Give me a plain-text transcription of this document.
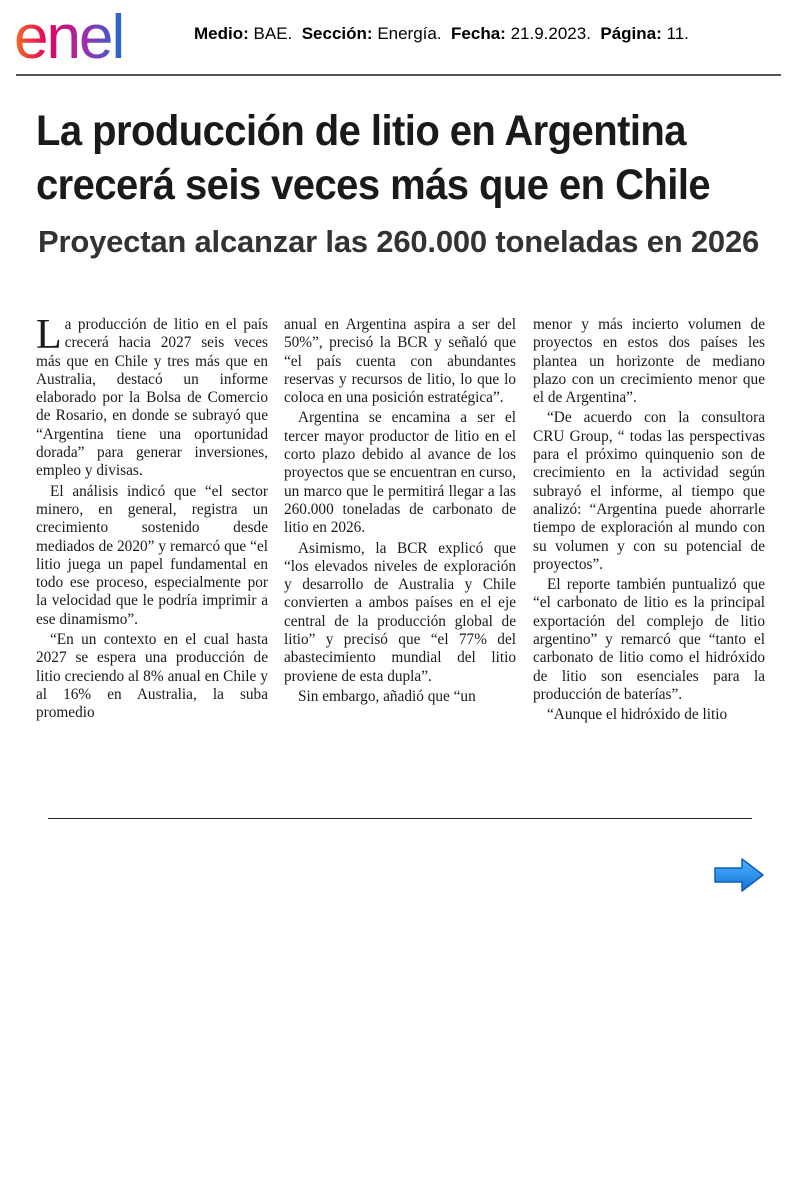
enel	Medio: BAE. Sección: Energía. Fecha: 21.9.2023. Página: 11.
La producción de litio en Argentina
crecerá seis veces más que en Chile
Proyectan alcanzar las 260.000 toneladas en 2026

La producción de litio en el país crecerá hacia 2027 seis veces más que en Chile y tres más que en Australia, destacó un informe elaborado por la Bolsa de Comercio de Rosario, en donde se subrayó que “Argentina tiene una oportunidad dorada” para generar inversiones, empleo y divisas.

El análisis indicó que “el sector minero, en general, registra un crecimiento sostenido desde mediados de 2020” y remarcó que “el litio juega un papel fundamental en todo ese proceso, especialmente por la velocidad que le podría imprimir a ese dinamismo”.

“En un contexto en el cual hasta 2027 se espera una producción de litio creciendo al 8% anual en Chile y al 16% en Australia, la suba promedio

anual en Argentina aspira a ser del 50%”, precisó la BCR y señaló que “el país cuenta con abundantes reservas y recursos de litio, lo que lo coloca en una posición estratégica”.

Argentina se encamina a ser el tercer mayor productor de litio en el corto plazo debido al avance de los proyectos que se encuentran en curso, un marco que le permitirá llegar a las 260.000 toneladas de carbonato de litio en 2026.

Asimismo, la BCR explicó que “los elevados niveles de exploración y desarrollo de Australia y Chile convierten a ambos países en el eje central de la producción global de litio” y precisó que “el 77% del abastecimiento mundial del litio proviene de esta dupla”.

Sin embargo, añadió que “un

menor y más incierto volumen de proyectos en estos dos países les plantea un horizonte de mediano plazo con un crecimiento menor que el de Argentina”.

“De acuerdo con la consultora CRU Group, “ todas las perspectivas para el próximo quinquenio son de crecimiento en la actividad según subrayó el informe, al tiempo que analizó: “Argentina puede ahorrarle tiempo de exploración al mundo con su volumen y con su potencial de proyectos”.

El reporte también puntualizó que “el carbonato de litio es la principal exportación del complejo de litio argentino” y remarcó que “tanto el carbonato de litio como el hidróxido de litio son esenciales para la producción de baterías”.

“Aunque el hidróxido de litio
